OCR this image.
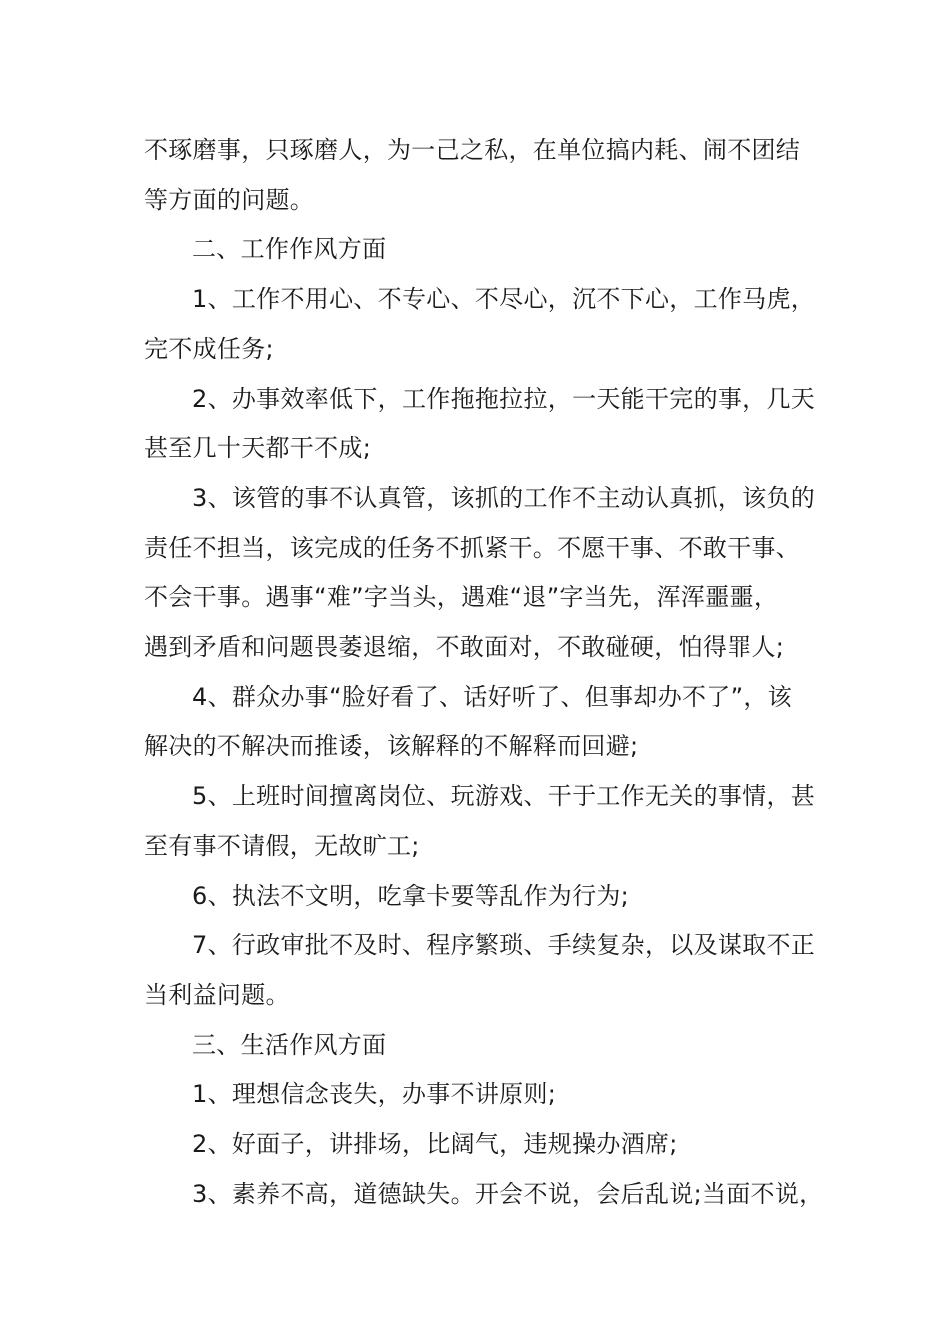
不琢磨事，只琢磨人，为一己之私，在单位搞内耗、闹不团结
等方面的问题。

二、工作作风方面

1、工作不用心、不专心、不尽心，沉不下心，工作马虎，
完不成任务;

2、办事效率低下，工作拖拖拉拉，一天能干完的事，几天
甚至几十天都干不成;

3、该管的事不认真管，该抓的工作不主动认真抓，该负的
责任不担当，该完成的任务不抓紧干。不愿干事、不敢干事、
不会干事。遇事“难”字当头，遇难“退”字当先，浑浑噩噩，
遇到矛盾和问题畏萎退缩，不敢面对，不敢碰硬，怕得罪人;

4、群众办事“脸好看了、话好听了、但事却办不了”，该
解决的不解决而推诿，该解释的不解释而回避;

5、上班时间擅离岗位、玩游戏、干于工作无关的事情，甚
至有事不请假，无故旷工;

6、执法不文明，吃拿卡要等乱作为行为;

7、行政审批不及时、程序繁琐、手续复杂，以及谋取不正
当利益问题。

三、生活作风方面

1、理想信念丧失，办事不讲原则;

2、好面子，讲排场，比阔气，违规操办酒席;

3、素养不高，道德缺失。开会不说，会后乱说;当面不说，
